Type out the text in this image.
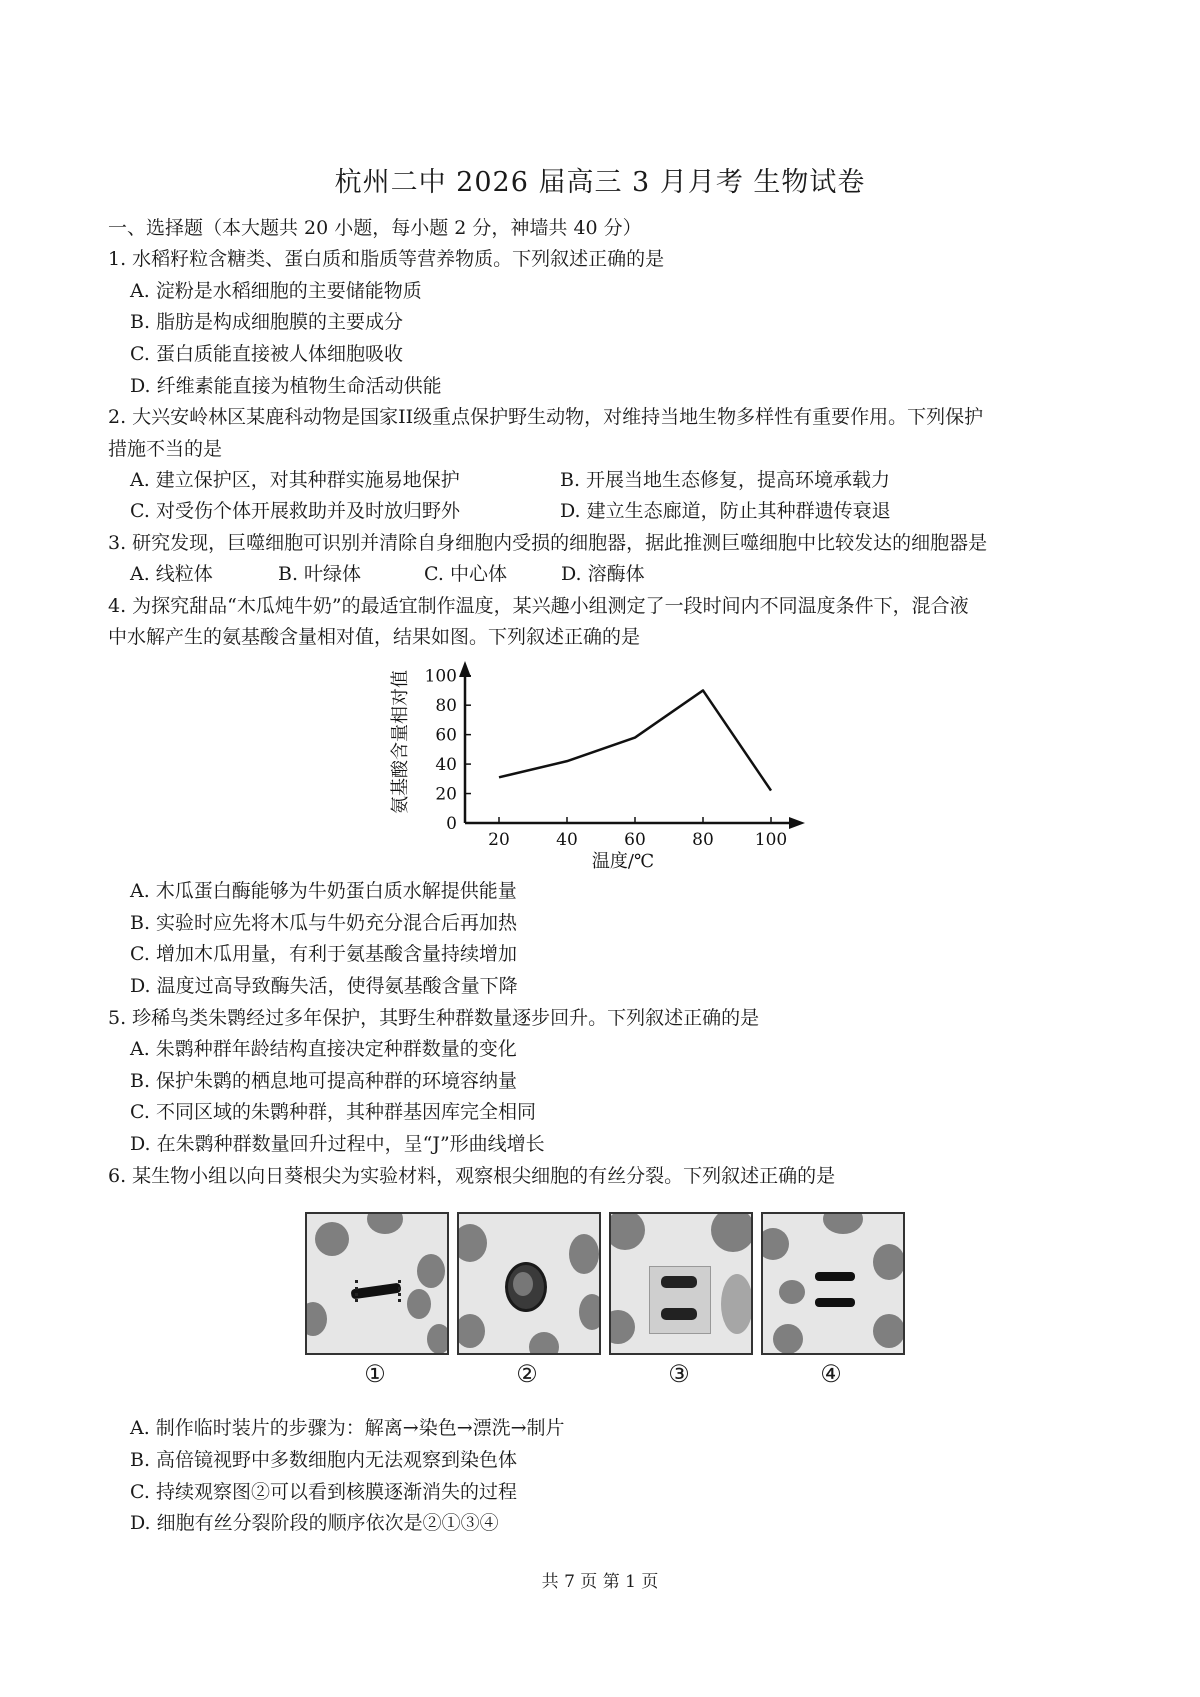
杭州二中 2026 届高三 3 月月考 生物试卷
一、选择题（本大题共 20 小题，每小题 2 分，神墙共 40 分）
1. 水稻籽粒含糖类、蛋白质和脂质等营养物质。下列叙述正确的是
A. 淀粉是水稻细胞的主要储能物质
B. 脂肪是构成细胞膜的主要成分
C. 蛋白质能直接被人体细胞吸收
D. 纤维素能直接为植物生命活动供能
2. 大兴安岭林区某鹿科动物是国家II级重点保护野生动物，对维持当地生物多样性有重要作用。下列保护
措施不当的是
A. 建立保护区，对其种群实施易地保护	B. 开展当地生态修复，提高环境承载力
C. 对受伤个体开展救助并及时放归野外	D. 建立生态廊道，防止其种群遗传衰退
3. 研究发现，巨噬细胞可识别并清除自身细胞内受损的细胞器，据此推测巨噬细胞中比较发达的细胞器是
A. 线粒体	B. 叶绿体	C. 中心体	D. 溶酶体
4. 为探究甜品“木瓜炖牛奶”的最适宜制作温度，某兴趣小组测定了一段时间内不同温度条件下，混合液
中水解产生的氨基酸含量相对值，结果如图。下列叙述正确的是
0
20
40
60
80
100
20	40	60	80 100
温度/℃
氨基酸含量相对值
A. 木瓜蛋白酶能够为牛奶蛋白质水解提供能量
B. 实验时应先将木瓜与牛奶充分混合后再加热
C. 增加木瓜用量，有利于氨基酸含量持续增加
D. 温度过高导致酶失活，使得氨基酸含量下降
5. 珍稀鸟类朱鹮经过多年保护，其野生种群数量逐步回升。下列叙述正确的是
A. 朱鹮种群年龄结构直接决定种群数量的变化
B. 保护朱鹮的栖息地可提高种群的环境容纳量
C. 不同区域的朱鹮种群，其种群基因库完全相同
D. 在朱鹮种群数量回升过程中，呈“J”形曲线增长
6. 某生物小组以向日葵根尖为实验材料，观察根尖细胞的有丝分裂。下列叙述正确的是
①	②	③	④
A. 制作临时装片的步骤为：解离→染色→漂洗→制片
B. 高倍镜视野中多数细胞内无法观察到染色体
C. 持续观察图②可以看到核膜逐渐消失的过程
D. 细胞有丝分裂阶段的顺序依次是②①③④
共 7 页 第 1 页
